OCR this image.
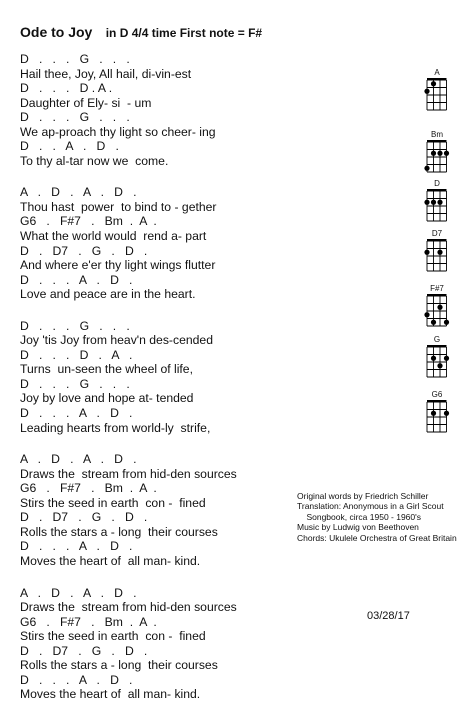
Ode to Joy in D 4/4 time First note = F#
D   .   .   .   G   .   .   .
Hail thee, Joy, All hail, di-vin-est
D   .   .   .   D . A .
Daughter of Ely- si  - um
D   .   .   .   G   .   .   .
We ap-proach thy light so cheer- ing
D   .   .   A   .   D   .
To thy al-tar now we  come.
A   .   D   .   A   .   D   .
Thou hast  power  to bind to - gether
G6   .   F#7   .   Bm  .  A  .
What the world would  rend a- part
D   .   D7   .   G   .   D   .
And where e'er thy light wings flutter
D   .   .   .   A   .   D   .
Love and peace are in the heart.
D   .   .   .   G   .   .   .
Joy 'tis Joy from heav'n des-cended
D   .   .   .   D   .   A   .
Turns  un-seen the wheel of life,
D   .   .   .   G   .   .   .
Joy by love and hope at- tended
D   .   .   .   A   .   D   .
Leading hearts from world-ly  strife,
A   .   D   .   A   .   D   .
Draws the  stream from hid-den sources
G6   .   F#7   .   Bm  .  A  .
Stirs the seed in earth  con -  fined
D   .   D7   .   G   .   D   .
Rolls the stars a - long  their courses
D   .   .   .   A   .   D   .
Moves the heart of  all man- kind.
A   .   D   .   A   .   D   .
Draws the  stream from hid-den sources
G6   .   F#7   .   Bm  .  A  .
Stirs the seed in earth  con -  fined
D   .   D7   .   G   .   D   .
Rolls the stars a - long  their courses
D   .   .   .   A   .   D   .
Moves the heart of  all man- kind.
A
Bm
D
D7
F#7
G
G6
Original words by Friedrich Schiller
Translation: Anonymous in a Girl Scout
Songbook, circa 1950 - 1960's
Music by Ludwig von Beethoven
Chords: Ukulele Orchestra of Great Britain
03/28/17
